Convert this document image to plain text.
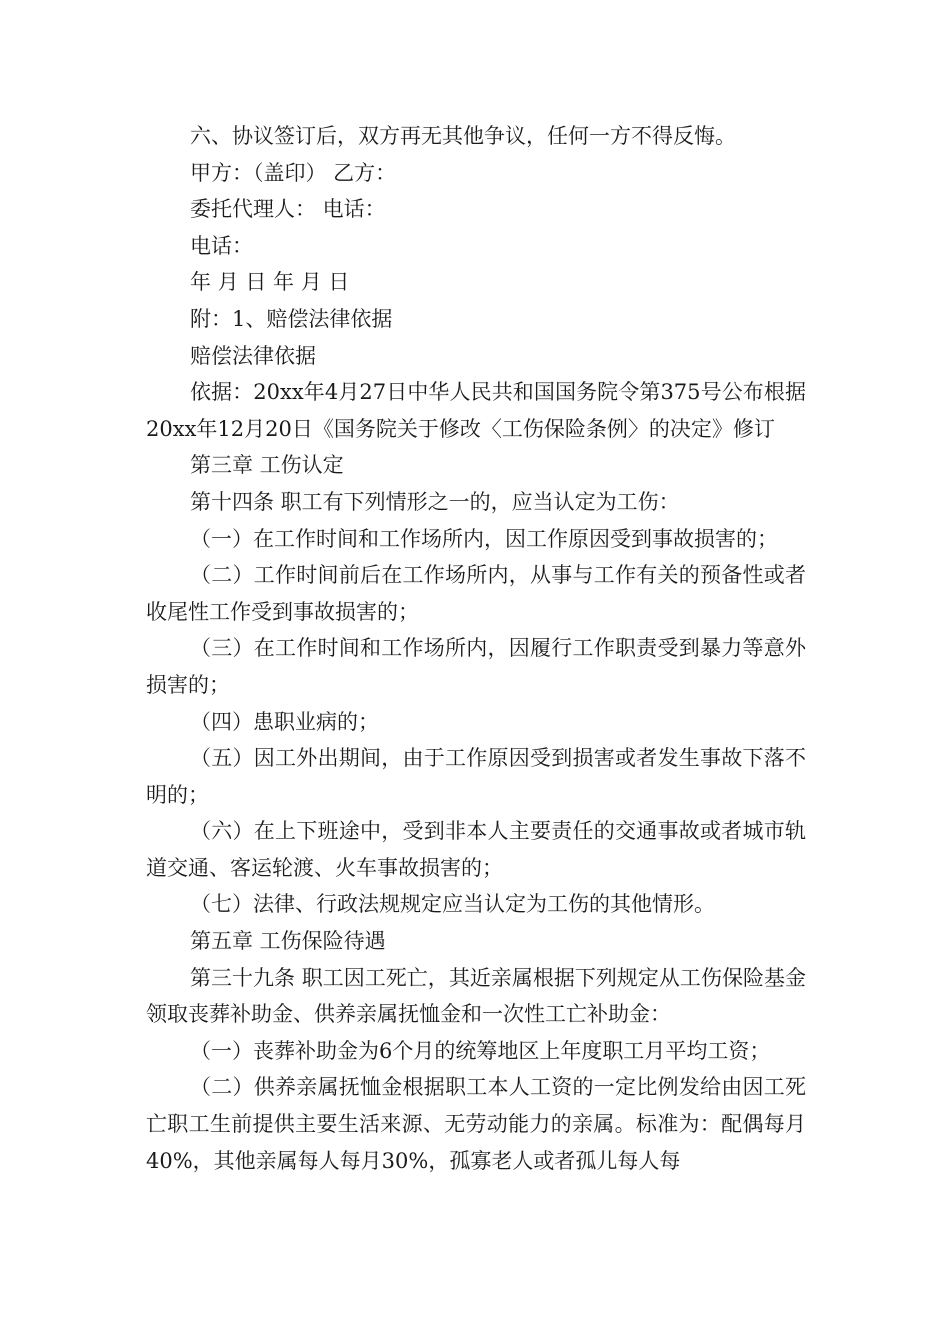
六、协议签订后，双方再无其他争议，任何一方不得反悔。

甲方：（盖印） 乙方：

委托代理人： 电话：

电话：

年 月 日 年 月 日

附：1、赔偿法律依据

赔偿法律依据

依据：20xx年4月27日中华人民共和国国务院令第375号公布根据20xx年12月20日《国务院关于修改〈工伤保险条例〉的决定》修订

第三章 工伤认定

第十四条 职工有下列情形之一的，应当认定为工伤：

（一）在工作时间和工作场所内，因工作原因受到事故损害的；

（二）工作时间前后在工作场所内，从事与工作有关的预备性或者收尾性工作受到事故损害的；

（三）在工作时间和工作场所内，因履行工作职责受到暴力等意外损害的；

（四）患职业病的；

（五）因工外出期间，由于工作原因受到损害或者发生事故下落不明的；

（六）在上下班途中，受到非本人主要责任的交通事故或者城市轨道交通、客运轮渡、火车事故损害的；

（七）法律、行政法规规定应当认定为工伤的其他情形。

第五章 工伤保险待遇

第三十九条 职工因工死亡，其近亲属根据下列规定从工伤保险基金领取丧葬补助金、供养亲属抚恤金和一次性工亡补助金：

（一）丧葬补助金为6个月的统筹地区上年度职工月平均工资；

（二）供养亲属抚恤金根据职工本人工资的一定比例发给由因工死亡职工生前提供主要生活来源、无劳动能力的亲属。标准为：配偶每月40%，其他亲属每人每月30%，孤寡老人或者孤儿每人每
